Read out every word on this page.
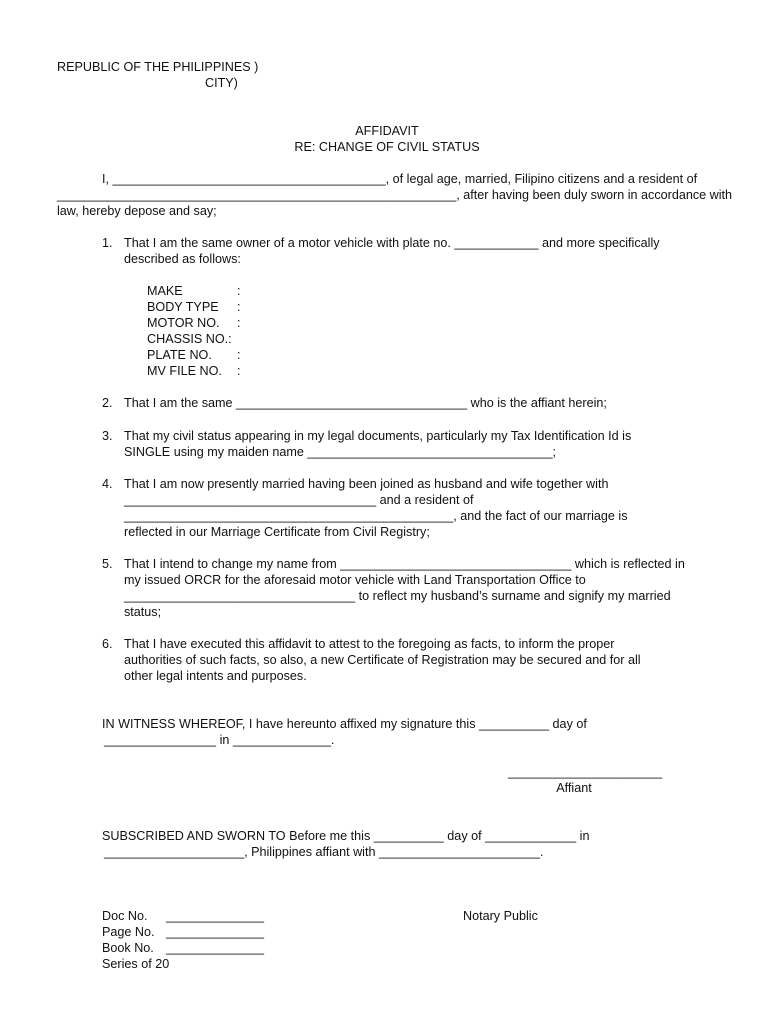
REPUBLIC OF THE PHILIPPINES )
CITY)
AFFIDAVIT
RE: CHANGE OF CIVIL STATUS
I, _______________________________________, of legal age, married, Filipino citizens and a resident of
_________________________________________________________, after having been duly sworn in accordance with
law, hereby depose and say;
1. That I am the same owner of a motor vehicle with plate no. ____________ and more specifically
described as follows:
MAKE	:
BODY TYPE :
MOTOR NO. :
CHASSIS NO.:
PLATE NO. :
MV FILE NO. :
2. That I am the same _________________________________ who is the affiant herein;
3. That my civil status appearing in my legal documents, particularly my Tax Identification Id is
SINGLE using my maiden name ___________________________________;
4. That I am now presently married having been joined as husband and wife together with
____________________________________ and a resident of
_______________________________________________, and the fact of our marriage is
reflected in our Marriage Certificate from Civil Registry;
5. That I intend to change my name from _________________________________ which is reflected in
my issued ORCR for the aforesaid motor vehicle with Land Transportation Office to
_________________________________ to reflect my husband’s surname and signify my married
status;
6. That I have executed this affidavit to attest to the foregoing as facts, to inform the proper
authorities of such facts, so also, a new Certificate of Registration may be secured and for all
other legal intents and purposes.
IN WITNESS WHEREOF, I have hereunto affixed my signature this __________ day of
________________ in ______________.
______________________
Affiant
SUBSCRIBED AND SWORN TO Before me this __________ day of _____________ in
____________________, Philippines affiant with _______________________.
Doc No. ______________
Page No. ______________
Book No. ______________
Series of 20
Notary Public
